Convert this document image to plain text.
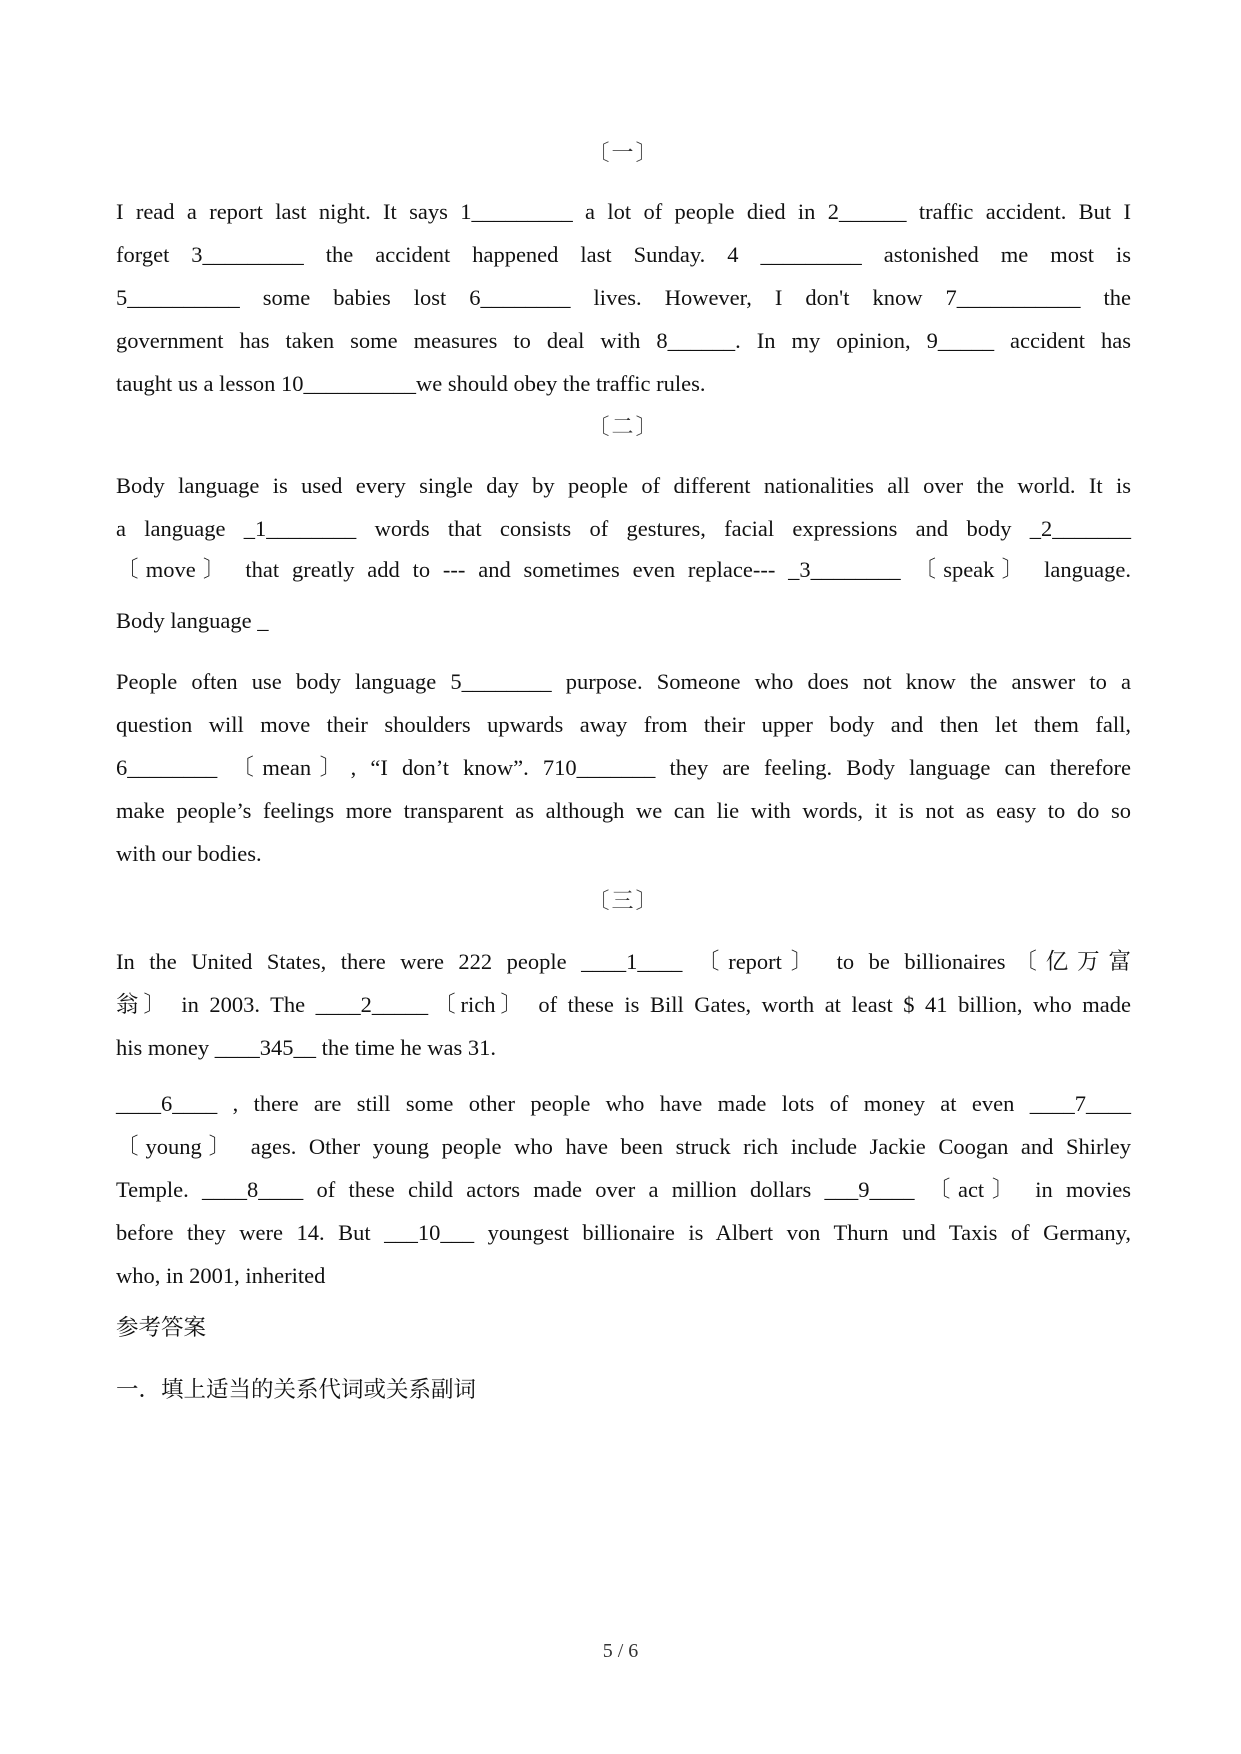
〔一〕
I read a report last night. It says 1_________ a lot of people died in 2______ traffic accident. But I
forget 3_________ the accident happened last Sunday. 4 _________ astonished me most is
5__________ some babies lost 6________ lives. However, I don't know 7___________ the
government has taken some measures to deal with 8______. In my opinion, 9_____ accident has
taught us a lesson 10__________we should obey the traffic rules.
〔二〕
Body language is used every single day by people of different nationalities all over the world. It is
a language _1________ words that consists of gestures, facial expressions and body _2_______
〔move〕 that greatly add to --- and sometimes even replace--- _3________ 〔speak〕 language.
Body language _
People often use body language 5________ purpose. Someone who does not know the answer to a
question will move their shoulders upwards away from their upper body and then let them fall,
6________ 〔mean〕, “I don’t know”. 710_______ they are feeling. Body language can therefore
make people’s feelings more transparent as although we can lie with words, it is not as easy to do so
with our bodies.
〔三〕
In the United States, there were 222 people ____1____ 〔report〕 to be billionaires〔亿万富
翁〕 in 2003. The ____2_____〔rich〕 of these is Bill Gates, worth at least $ 41 billion, who made
his money ____345__ the time he was 31.
____6____ , there are still some other people who have made lots of money at even ____7____
〔young〕 ages. Other young people who have been struck rich include Jackie Coogan and Shirley
Temple. ____8____ of these child actors made over a million dollars ___9____ 〔act〕 in movies
before they were 14. But ___10___ youngest billionaire is Albert von Thurn und Taxis of Germany,
who, in 2001, inherited
参考答案
一．填上适当的关系代词或关系副词
5 / 6
